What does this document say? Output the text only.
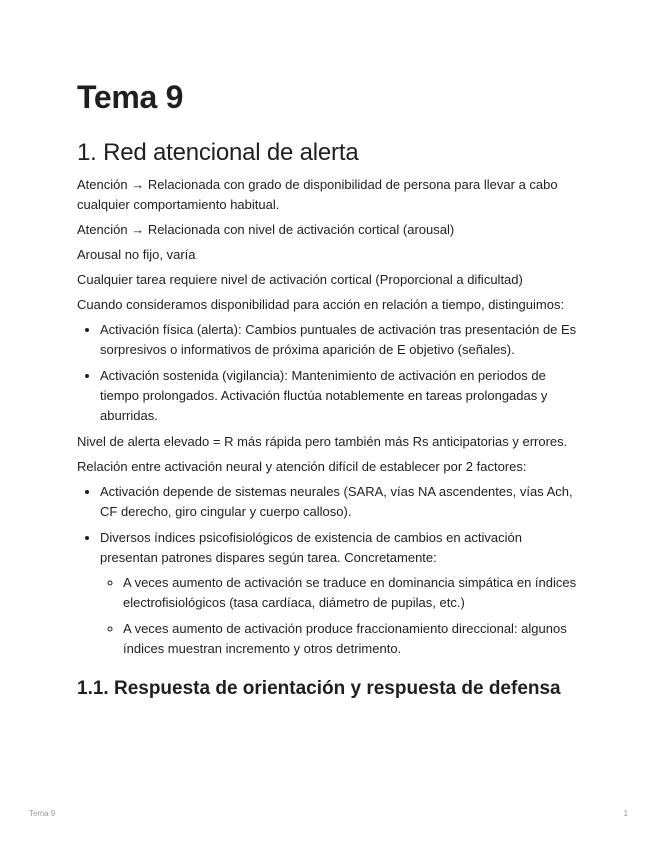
Tema 9
1. Red atencional de alerta

Atención → Relacionada con grado de disponibilidad de persona para llevar a cabo cualquier comportamiento habitual.

Atención → Relacionada con nivel de activación cortical (arousal)

Arousal no fijo, varía

Cualquier tarea requiere nivel de activación cortical (Proporcional a dificultad)

Cuando consideramos disponibilidad para acción en relación a tiempo, distinguimos:

• Activación física (alerta): Cambios puntuales de activación tras presentación de Es sorpresivos o informativos de próxima aparición de E objetivo (señales).
• Activación sostenida (vigilancia): Mantenimiento de activación en periodos de tiempo prolongados. Activación fluctúa notablemente en tareas prolongadas y aburridas.

Nivel de alerta elevado = R más rápida pero también más Rs anticipatorias y errores.

Relación entre activación neural y atención difícil de establecer por 2 factores:

• Activación depende de sistemas neurales (SARA, vías NA ascendentes, vías Ach, CF derecho, giro cingular y cuerpo calloso).
• Diversos índices psicofisiológicos de existencia de cambios en activación presentan patrones dispares según tarea. Concretamente:
◦ A veces aumento de activación se traduce en dominancia simpática en índices electrofisiológicos (tasa cardíaca, diámetro de pupilas, etc.)
◦ A veces aumento de activación produce fraccionamiento direccional: algunos índices muestran incremento y otros detrimento.
1.1. Respuesta de orientación y respuesta de defensa
Tema 9	1
